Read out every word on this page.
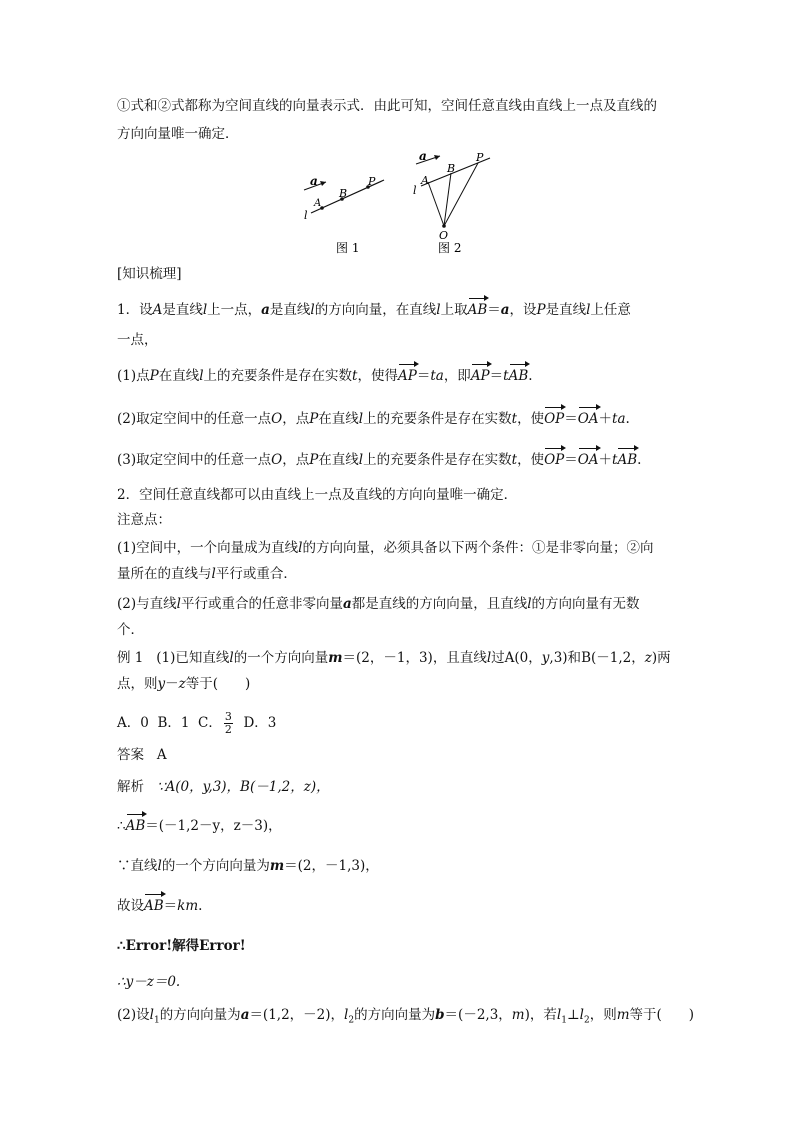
①式和②式都称为空间直线的向量表示式．由此可知，空间任意直线由直线上一点及直线的
方向向量唯一确定．
a
l
A
B
P
图 1
a
l
A
B
P
O
图 2
[知识梳理]
1．设A是直线l上一点，a是直线l的方向向量，在直线l上取AB＝a，设P是直线l上任意
一点，
(1)点P在直线l上的充要条件是存在实数t，使得AP＝ta，即AP＝tAB.
(2)取定空间中的任意一点O，点P在直线l上的充要条件是存在实数t，使OP＝OA＋ta.
(3)取定空间中的任意一点O，点P在直线l上的充要条件是存在实数t，使OP＝OA＋tAB.
2．空间任意直线都可以由直线上一点及直线的方向向量唯一确定．
注意点：
(1)空间中，一个向量成为直线l的方向向量，必须具备以下两个条件：①是非零向量；②向
量所在的直线与l平行或重合．
(2)与直线l平行或重合的任意非零向量a都是直线的方向向量，且直线l的方向向量有无数
个．
例 1 (1)已知直线l的一个方向向量m＝(2，－1，3)，且直线l过A(0，y,3)和B(－1,2，z)两
点，则y－z等于(　　)
A．0 B．1 C． $\frac{3}{2}$ D．3
答案 A
解析 ∵A(0，y,3)，B(－1,2，z)，
∴AB＝(－1,2－y，z－3)，
∵直线l的一个方向向量为m＝(2，－1,3)，
故设AB＝km.
∴Error!解得Error!
∴y－z＝0.
(2)设$l_1$的方向向量为a＝(1,2，－2)，$l_2$的方向向量为b＝(－2,3，m)，若$l_1\perp l_2$，则m等于(　　)
